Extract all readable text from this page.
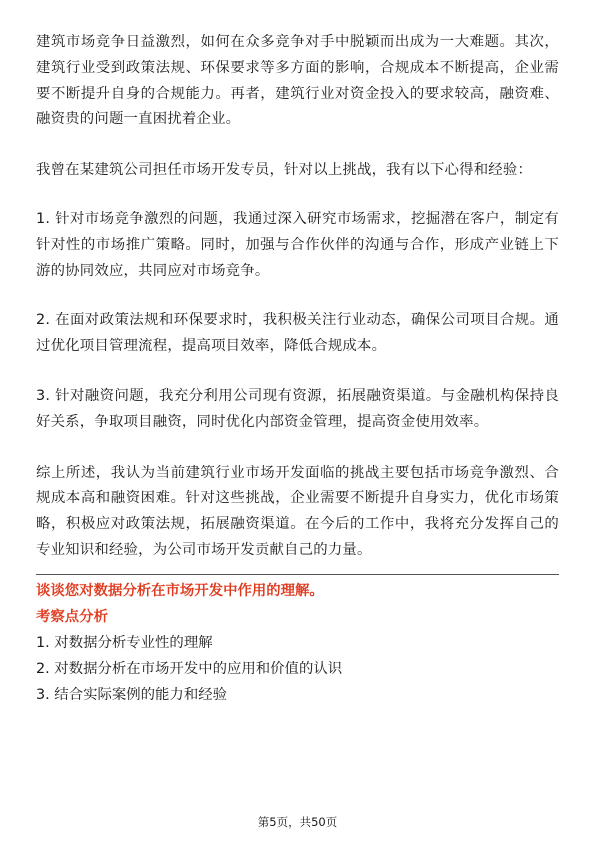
建筑市场竞争日益激烈，如何在众多竞争对手中脱颖而出成为一大难题。其次，建筑行业受到政策法规、环保要求等多方面的影响，合规成本不断提高，企业需要不断提升自身的合规能力。再者，建筑行业对资金投入的要求较高，融资难、融资贵的问题一直困扰着企业。

我曾在某建筑公司担任市场开发专员，针对以上挑战，我有以下心得和经验：

1. 针对市场竞争激烈的问题，我通过深入研究市场需求，挖掘潜在客户，制定有针对性的市场推广策略。同时，加强与合作伙伴的沟通与合作，形成产业链上下游的协同效应，共同应对市场竞争。

2. 在面对政策法规和环保要求时，我积极关注行业动态，确保公司项目合规。通过优化项目管理流程，提高项目效率，降低合规成本。

3. 针对融资问题，我充分利用公司现有资源，拓展融资渠道。与金融机构保持良好关系，争取项目融资，同时优化内部资金管理，提高资金使用效率。

综上所述，我认为当前建筑行业市场开发面临的挑战主要包括市场竞争激烈、合规成本高和融资困难。针对这些挑战，企业需要不断提升自身实力，优化市场策略，积极应对政策法规，拓展融资渠道。在今后的工作中，我将充分发挥自己的专业知识和经验，为公司市场开发贡献自己的力量。

谈谈您对数据分析在市场开发中作用的理解。
考察点分析

1. 对数据分析专业性的理解

2. 对数据分析在市场开发中的应用和价值的认识

3. 结合实际案例的能力和经验

第5页，共50页
